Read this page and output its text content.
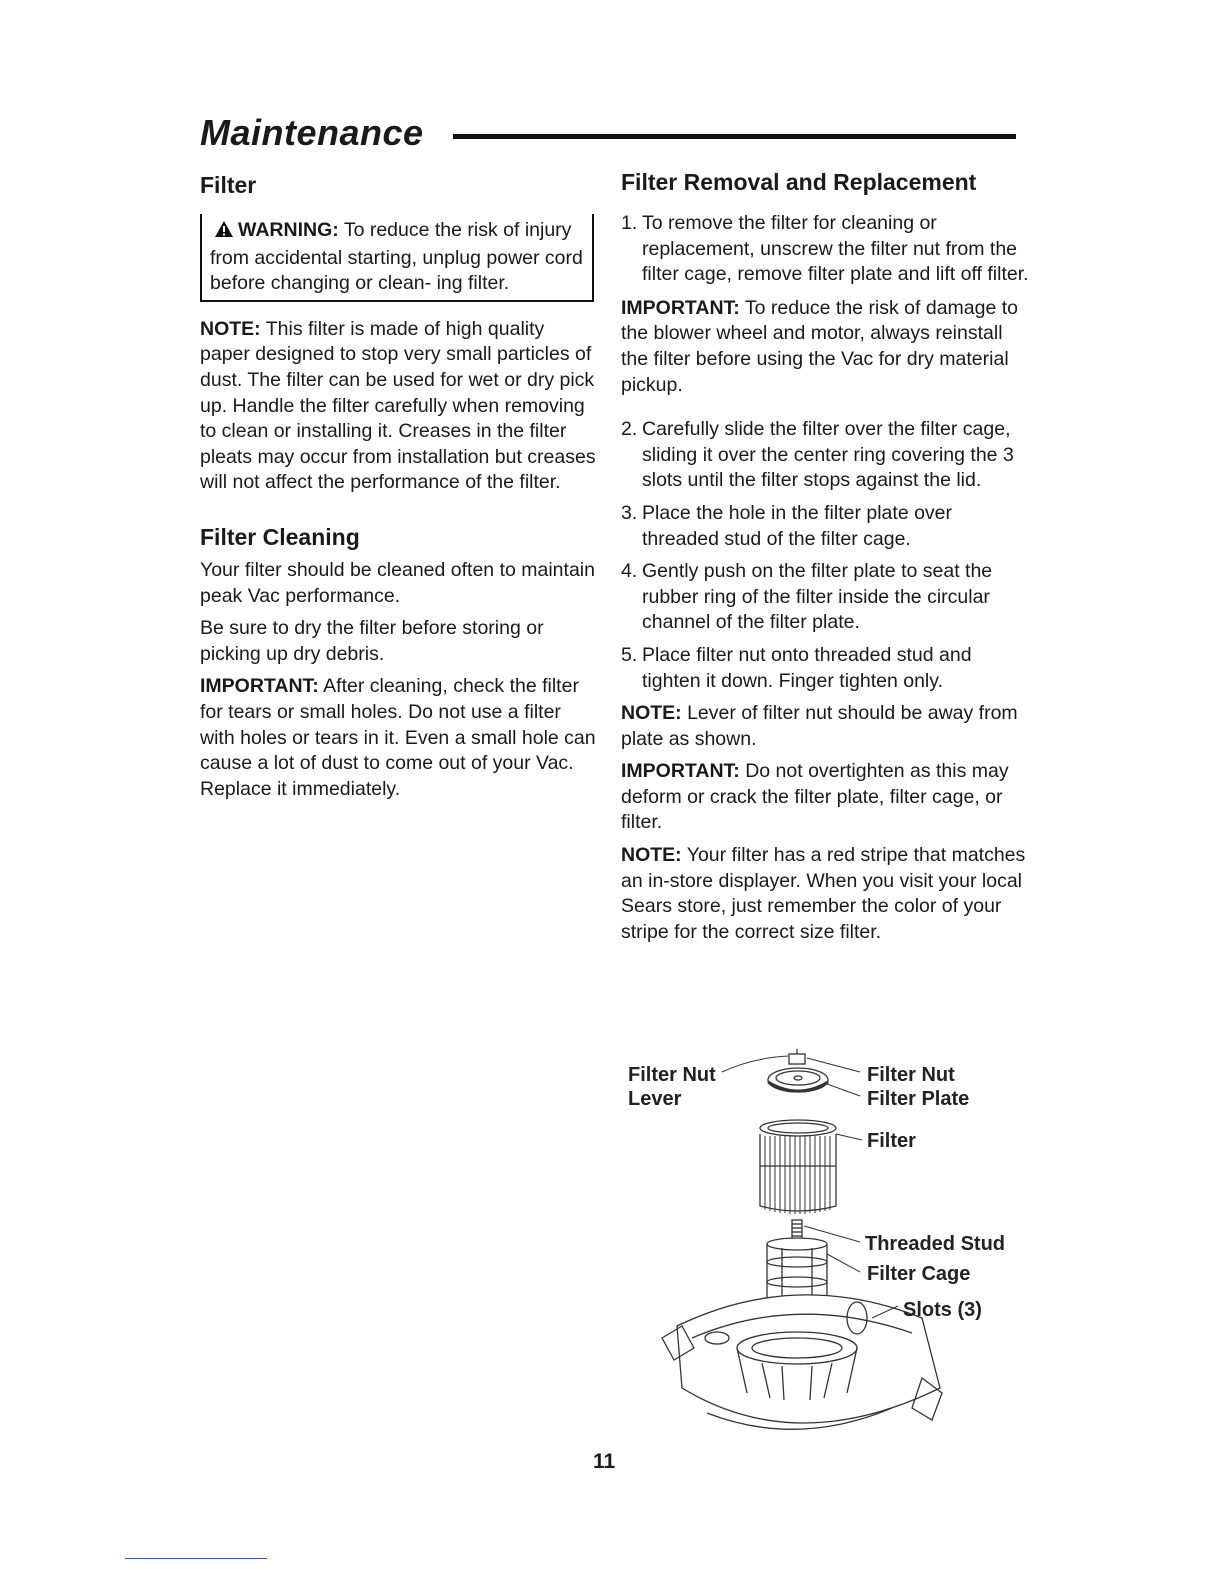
Maintenance
Filter

WARNING: To reduce the risk of injury from accidental starting, unplug power cord before changing or clean- ing filter.

NOTE: This filter is made of high quality paper designed to stop very small particles of dust. The filter can be used for wet or dry pick up. Handle the filter carefully when removing to clean or installing it. Creases in the filter pleats may occur from installation but creases will not affect the performance of the filter.

Filter Cleaning

Your filter should be cleaned often to maintain peak Vac performance.

Be sure to dry the filter before storing or picking up dry debris.

IMPORTANT: After cleaning, check the filter for tears or small holes. Do not use a filter with holes or tears in it. Even a small hole can cause a lot of dust to come out of your Vac. Replace it immediately.

Filter Removal and Replacement
1. To remove the filter for cleaning or replacement, unscrew the filter nut from the filter cage, remove filter plate and lift off filter.

IMPORTANT: To reduce the risk of damage to the blower wheel and motor, always reinstall the filter before using the Vac for dry material pickup.

2. Carefully slide the filter over the filter cage, sliding it over the center ring covering the 3 slots until the filter stops against the lid.
3. Place the hole in the filter plate over threaded stud of the filter cage.
4. Gently push on the filter plate to seat the rubber ring of the filter inside the circular channel of the filter plate.
5. Place filter nut onto threaded stud and tighten it down. Finger tighten only.

NOTE: Lever of filter nut should be away from plate as shown.

IMPORTANT: Do not overtighten as this may deform or crack the filter plate, filter cage, or filter.

NOTE: Your filter has a red stripe that matches an in-store displayer. When you visit your local Sears store, just remember the color of your stripe for the correct size filter.

Filter Nut
Lever
Filter Nut
Filter Plate
Filter
Threaded Stud
Filter Cage
Slots (3)
11
